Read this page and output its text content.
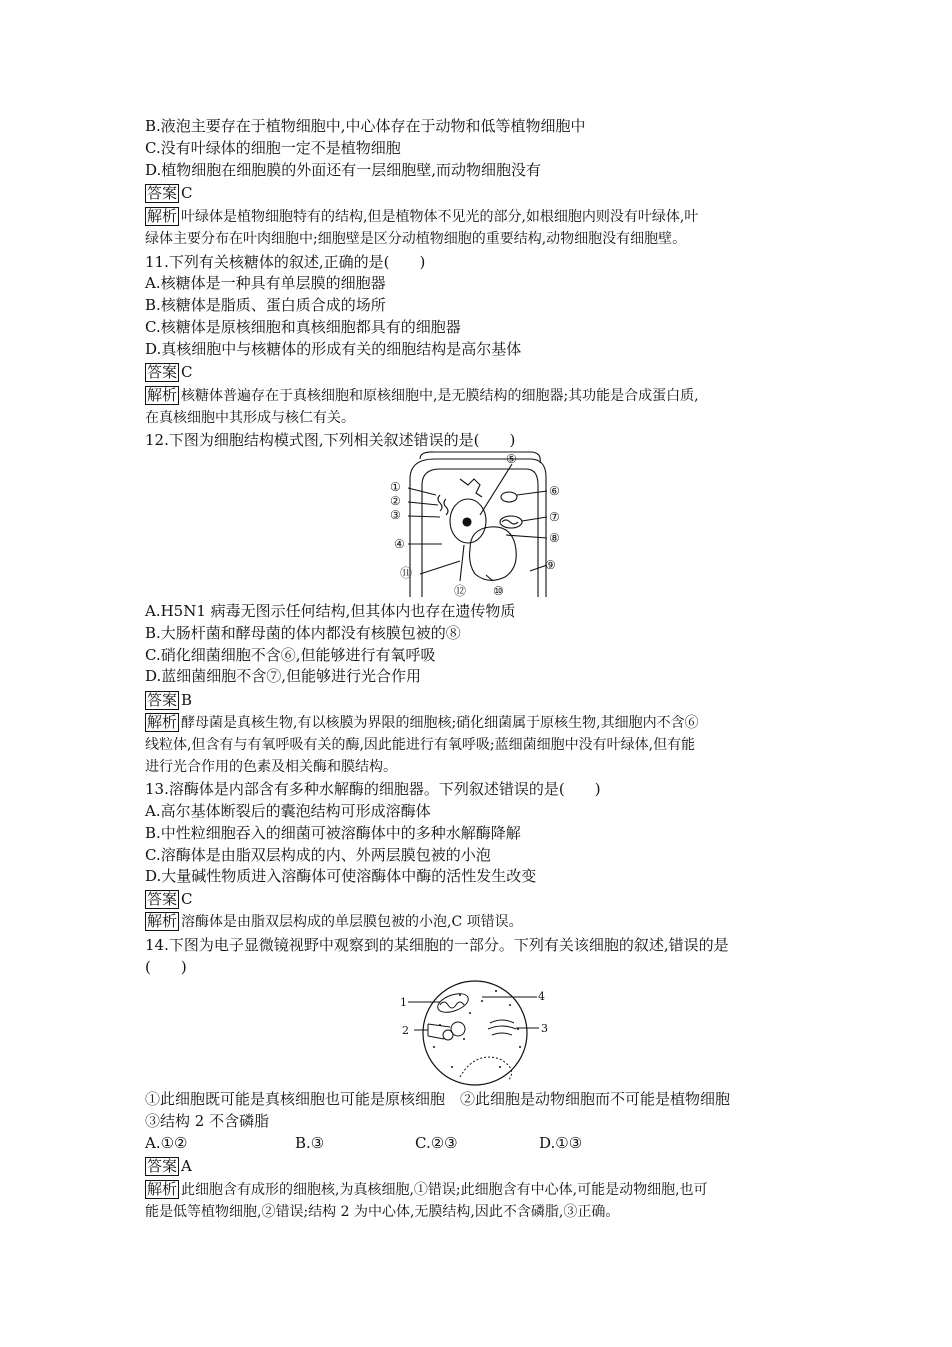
B.液泡主要存在于植物细胞中,中心体存在于动物和低等植物细胞中
C.没有叶绿体的细胞一定不是植物细胞
D.植物细胞在细胞膜的外面还有一层细胞壁,而动物细胞没有
答案 C
解析 叶绿体是植物细胞特有的结构,但是植物体不见光的部分,如根细胞内则没有叶绿体,叶
绿体主要分布在叶肉细胞中;细胞壁是区分动植物细胞的重要结构,动物细胞没有细胞壁。
11.下列有关核糖体的叙述,正确的是(　　)
A.核糖体是一种具有单层膜的细胞器
B.核糖体是脂质、蛋白质合成的场所
C.核糖体是原核细胞和真核细胞都具有的细胞器
D.真核细胞中与核糖体的形成有关的细胞结构是高尔基体
答案 C
解析 核糖体普遍存在于真核细胞和原核细胞中,是无膜结构的细胞器;其功能是合成蛋白质,
在真核细胞中其形成与核仁有关。
12.下图为细胞结构模式图,下列相关叙述错误的是(　　)
①
②
③
④
⑤
⑥
⑦
⑧
⑨
⑩
⑪
⑫
A.H5N1 病毒无图示任何结构,但其体内也存在遗传物质
B.大肠杆菌和酵母菌的体内都没有核膜包被的⑧
C.硝化细菌细胞不含⑥,但能够进行有氧呼吸
D.蓝细菌细胞不含⑦,但能够进行光合作用
答案 B
解析 酵母菌是真核生物,有以核膜为界限的细胞核;硝化细菌属于原核生物,其细胞内不含⑥
线粒体,但含有与有氧呼吸有关的酶,因此能进行有氧呼吸;蓝细菌细胞中没有叶绿体,但有能
进行光合作用的色素及相关酶和膜结构。
13.溶酶体是内部含有多种水解酶的细胞器。下列叙述错误的是(　　)
A.高尔基体断裂后的囊泡结构可形成溶酶体
B.中性粒细胞吞入的细菌可被溶酶体中的多种水解酶降解
C.溶酶体是由脂双层构成的内、外两层膜包被的小泡
D.大量碱性物质进入溶酶体可使溶酶体中酶的活性发生改变
答案 C
解析 溶酶体是由脂双层构成的单层膜包被的小泡,C 项错误。
14.下图为电子显微镜视野中观察到的某细胞的一部分。下列有关该细胞的叙述,错误的是
(　　)
1
2	3
4
①此细胞既可能是真核细胞也可能是原核细胞　②此细胞是动物细胞而不可能是植物细胞
③结构 2 不含磷脂
A.①②	B.③	C.②③	D.①③
答案 A
解析 此细胞含有成形的细胞核,为真核细胞,①错误;此细胞含有中心体,可能是动物细胞,也可
能是低等植物细胞,②错误;结构 2 为中心体,无膜结构,因此不含磷脂,③正确。
